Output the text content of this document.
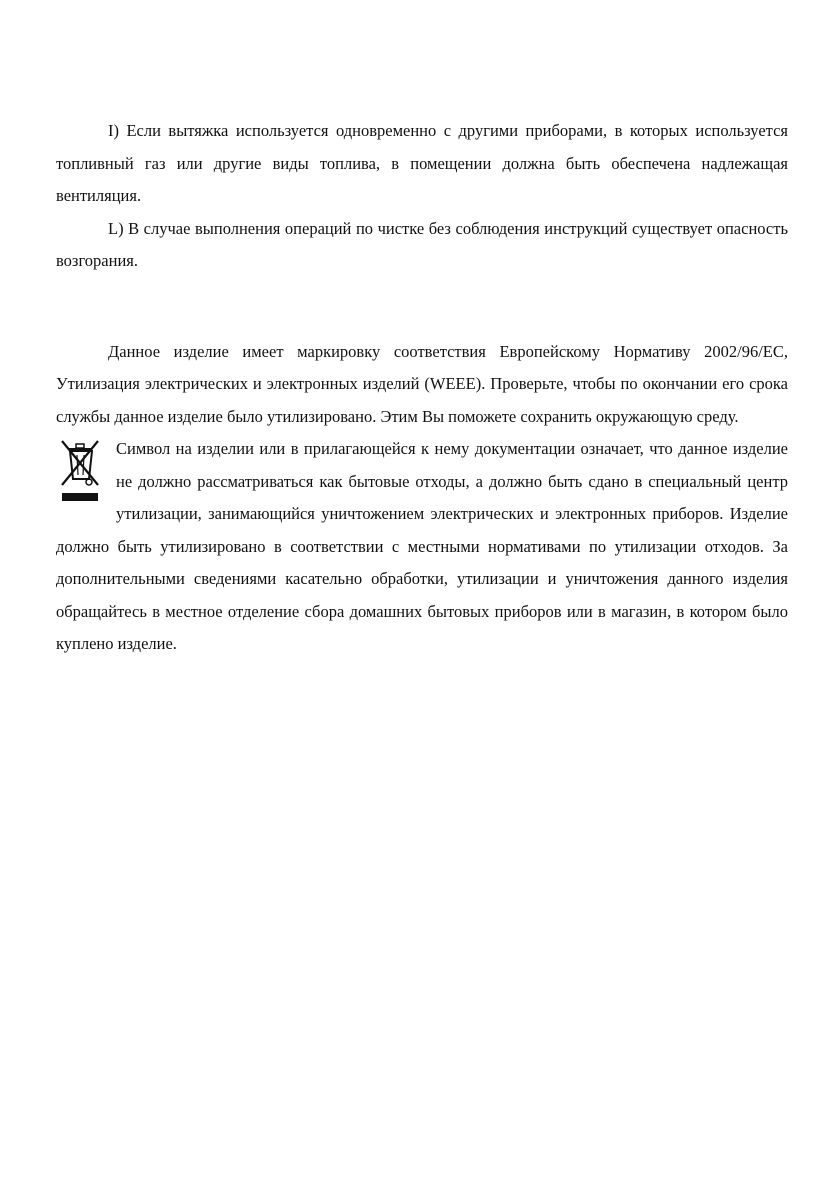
I) Если вытяжка используется одновременно с другими приборами, в которых используется топливный газ или другие виды топлива, в помещении должна быть обеспечена надлежащая вентиляция.

L) В случае выполнения операций по чистке без соблюдения инструкций существует опасность возгорания.

Данное изделие имеет маркировку соответствия Европейскому Нормативу 2002/96/ЕС, Утилизация электрических и электронных изделий (WEEE). Проверьте, чтобы по окончании его срока службы данное изделие было утилизировано. Этим Вы поможете сохранить окружающую среду.

Символ на изделии или в прилагающейся к нему документации означает, что данное изделие не должно рассматриваться как бытовые отходы, а должно быть сдано в специальный центр утилизации, занимающийся уничтожением электрических и электронных приборов. Изделие должно быть утилизировано в соответствии с местными нормативами по утилизации отходов. За дополнительными сведениями касательно обработки, утилизации и уничтожения данного изделия обращайтесь в местное отделение сбора домашних бытовых приборов или в магазин, в котором было куплено изделие.
